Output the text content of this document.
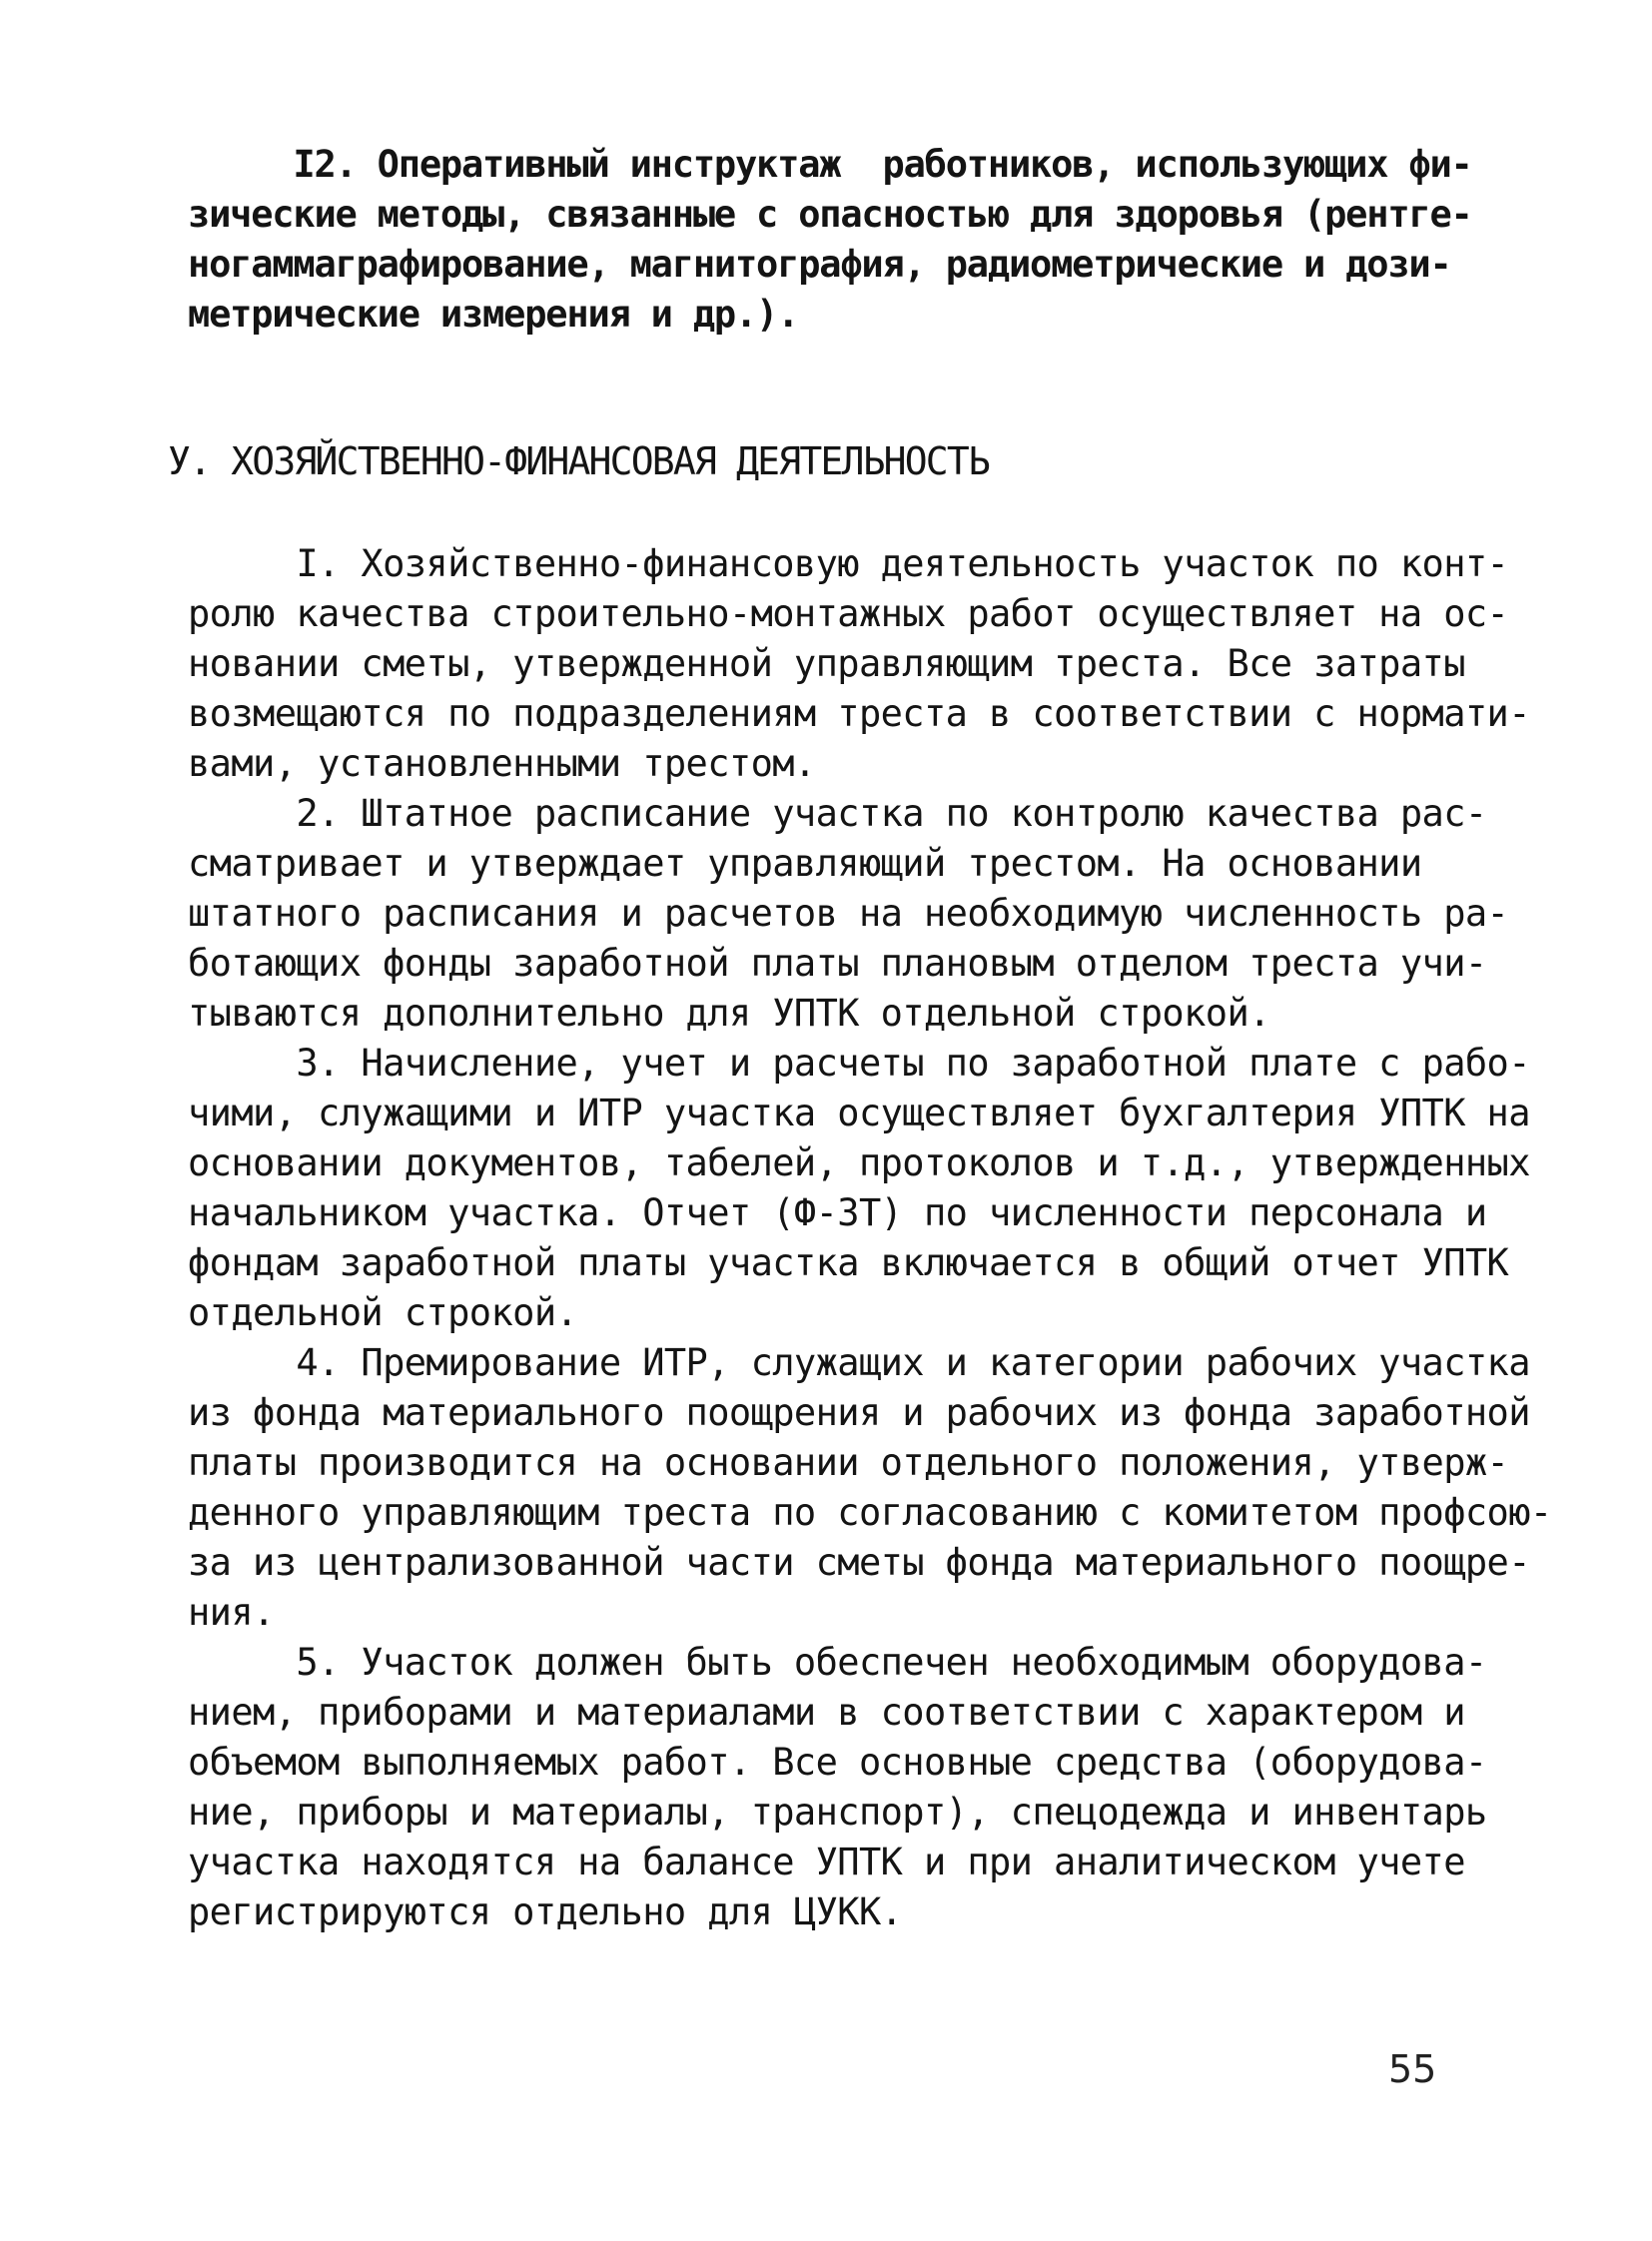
I2. Оперативный инструктаж  работников, использующих фи-
зические методы, связанные с опасностью для здоровья (рентге-
ногаммаграфирование, магнитография, радиометрические и дози-
метрические измерения и др.).
У. ХОЗЯЙСТВЕННО-ФИНАНСОВАЯ ДЕЯТЕЛЬНОСТЬ
I. Хозяйственно-финансовую деятельность участок по конт-
ролю качества строительно-монтажных работ осуществляет на ос-
новании сметы, утвержденной управляющим треста. Все затраты
возмещаются по подразделениям треста в соответствии с нормати-
вами, установленными трестом.
2. Штатное расписание участка по контролю качества рас-
сматривает и утверждает управляющий трестом. На основании
штатного расписания и расчетов на необходимую численность ра-
ботающих фонды заработной платы плановым отделом треста учи-
тываются дополнительно для УПТК отдельной строкой.
3. Начисление, учет и расчеты по заработной плате с рабо-
чими, служащими и ИТР участка осуществляет бухгалтерия УПТК на
основании документов, табелей, протоколов и т.д., утвержденных
начальником участка. Отчет (Ф-3Т) по численности персонала и
фондам заработной платы участка включается в общий отчет УПТК
отдельной строкой.
4. Премирование ИТР, служащих и категории рабочих участка
из фонда материального поощрения и рабочих из фонда заработной
платы производится на основании отдельного положения, утверж-
денного управляющим треста по согласованию с комитетом профсою-
за из централизованной части сметы фонда материального поощре-
ния.
5. Участок должен быть обеспечен необходимым оборудова-
нием, приборами и материалами в соответствии с характером и
объемом выполняемых работ. Все основные средства (оборудова-
ние, приборы и материалы, транспорт), спецодежда и инвентарь
участка находятся на балансе УПТК и при аналитическом учете
регистрируются отдельно для ЦУКК.
55
